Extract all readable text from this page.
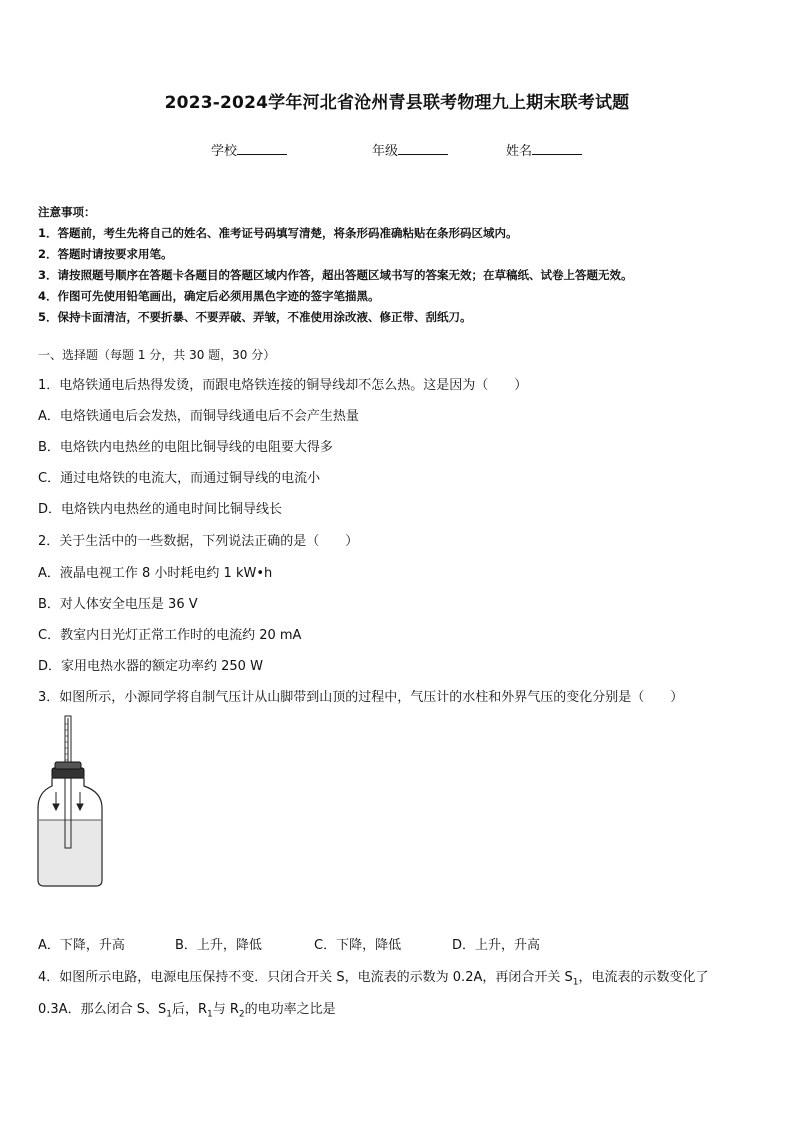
2023-2024学年河北省沧州青县联考物理九上期末联考试题
学校	年级	姓名
注意事项：
1．答题前，考生先将自己的姓名、准考证号码填写清楚，将条形码准确粘贴在条形码区域内。
2．答题时请按要求用笔。
3．请按照题号顺序在答题卡各题目的答题区域内作答，超出答题区域书写的答案无效；在草稿纸、试卷上答题无效。
4．作图可先使用铅笔画出，确定后必须用黑色字迹的签字笔描黑。
5．保持卡面清洁，不要折暴、不要弄破、弄皱，不准使用涂改液、修正带、刮纸刀。
一、选择题（每题 1 分，共 30 题，30 分）
1．电烙铁通电后热得发烫，而跟电烙铁连接的铜导线却不怎么热。这是因为（　　）
A．电烙铁通电后会发热，而铜导线通电后不会产生热量
B．电烙铁内电热丝的电阻比铜导线的电阻要大得多
C．通过电烙铁的电流大，而通过铜导线的电流小
D．电烙铁内电热丝的通电时间比铜导线长
2．关于生活中的一些数据，下列说法正确的是（　　）
A．液晶电视工作 8 小时耗电约 1 kW•h
B．对人体安全电压是 36 V
C．教室内日光灯正常工作时的电流约 20 mA
D．家用电热水器的额定功率约 250 W
3．如图所示，小源同学将自制气压计从山脚带到山顶的过程中，气压计的水柱和外界气压的变化分别是（　　）
A．下降，升高	B．上升，降低	C．下降，降低	D．上升，升高
4．如图所示电路，电源电压保持不变．只闭合开关 S，电流表的示数为 0.2A，再闭合开关 $S_1$，电流表的示数变化了
0.3A．那么闭合 S、$S_1$后，$R_1$与 $R_2$的电功率之比是
